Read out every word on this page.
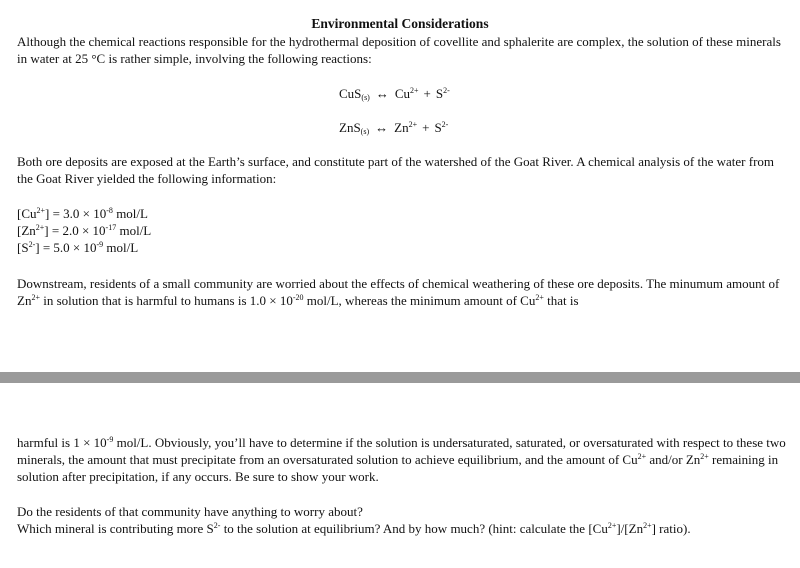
Environmental Considerations

Although the chemical reactions responsible for the hydrothermal deposition of covellite and sphalerite are complex, the solution of these minerals in water at 25 °C is rather simple, involving the following reactions:

CuS$_{(s)}$ ↔ $Cu^{2+} + S^{2-}$
ZnS$_{(s)}$ ↔ $Zn^{2+} + S^{2-}$

Both ore deposits are exposed at the Earth’s surface, and constitute part of the watershed of the Goat River. A chemical analysis of the water from the Goat River yielded the following information:

$[Cu^{2+}] = 3.0 \times 10^{-8}$ mol/L
$[Zn^{2+}] = 2.0 \times 10^{-17}$ mol/L
$[S^{2-}] = 5.0 \times 10^{-9}$ mol/L

Downstream, residents of a small community are worried about the effects of chemical weathering of these ore deposits. The minumum amount of $Zn^{2+}$ in solution that is harmful to humans is $1.0 \times 10^{-20}$ mol/L, whereas the minimum amount of $Cu^{2+}$ that is

harmful is $1 \times 10^{-9}$ mol/L. Obviously, you’ll have to determine if the solution is undersaturated, saturated, or oversaturated with respect to these two minerals, the amount that must precipitate from an oversaturated solution to achieve equilibrium, and the amount of $Cu^{2+}$ and/or $Zn^{2+}$ remaining in solution after precipitation, if any occurs. Be sure to show your work.

Do the residents of that community have anything to worry about?

Which mineral is contributing more $S^{2-}$ to the solution at equilibrium? And by how much? (hint: calculate the $[Cu^{2+}]/[Zn^{2+}]$ ratio).
